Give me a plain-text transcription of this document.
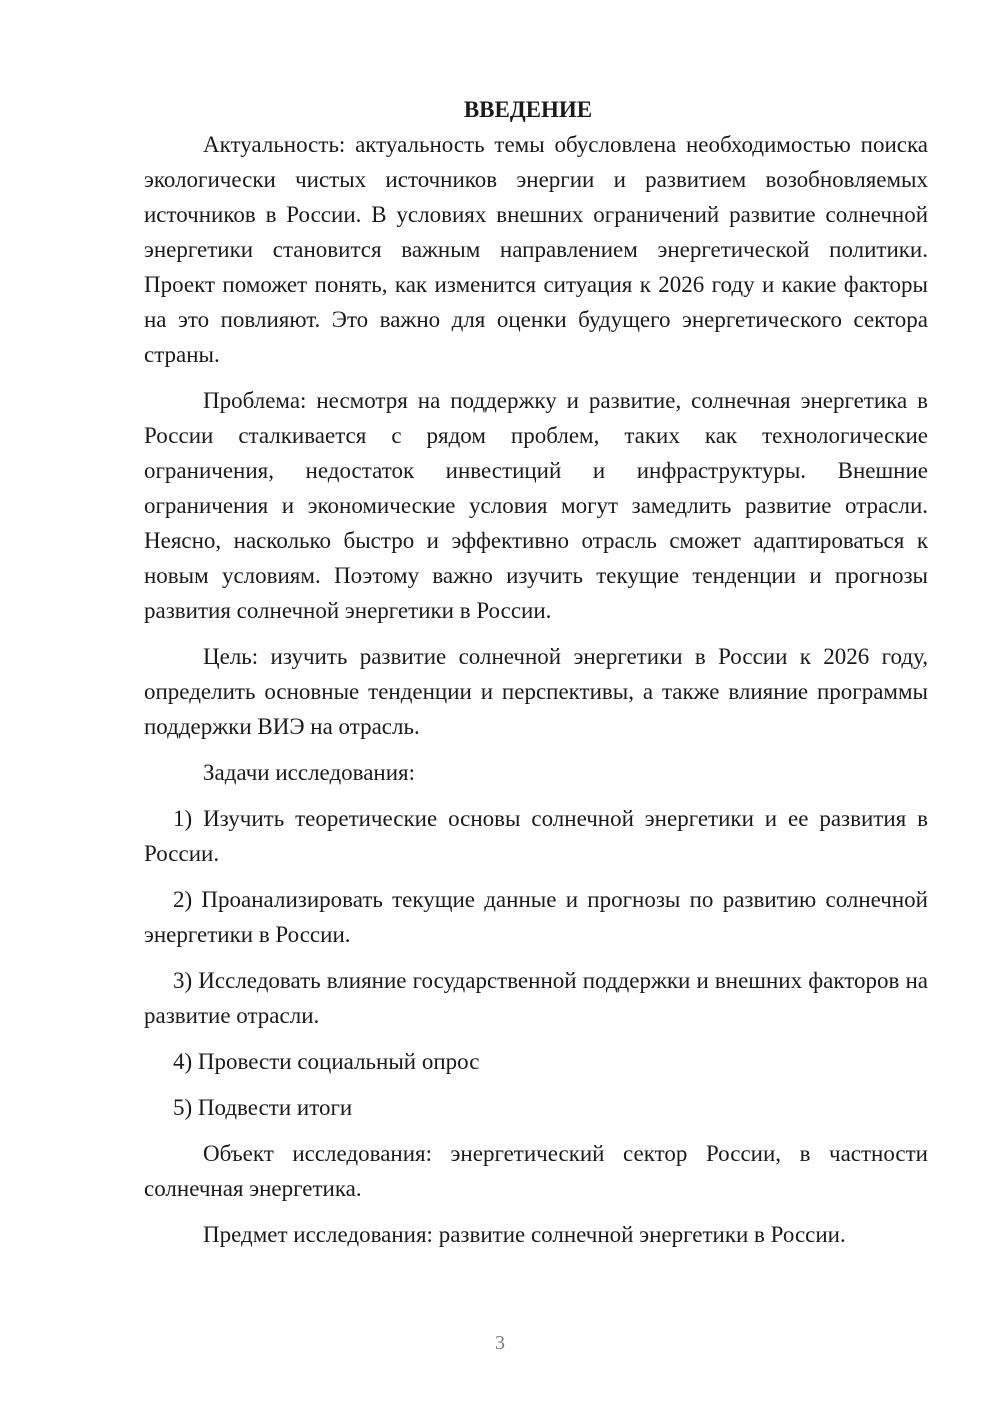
ВВЕДЕНИЕ

Актуальность: актуальность темы обусловлена необходимостью поиска экологически чистых источников энергии и развитием возобновляемых источников в России. В условиях внешних ограничений развитие солнечной энергетики становится важным направлением энергетической политики. Проект поможет понять, как изменится ситуация к 2026 году и какие факторы на это повлияют. Это важно для оценки будущего энергетического сектора страны.

Проблема: несмотря на поддержку и развитие, солнечная энергетика в России сталкивается с рядом проблем, таких как технологические ограничения, недостаток инвестиций и инфраструктуры. Внешние ограничения и экономические условия могут замедлить развитие отрасли. Неясно, насколько быстро и эффективно отрасль сможет адаптироваться к новым условиям. Поэтому важно изучить текущие тенденции и прогнозы развития солнечной энергетики в России.

Цель: изучить развитие солнечной энергетики в России к 2026 году, определить основные тенденции и перспективы, а также влияние программы поддержки ВИЭ на отрасль.

Задачи исследования:

1) Изучить теоретические основы солнечной энергетики и ее развития в России.

2) Проанализировать текущие данные и прогнозы по развитию солнечной энергетики в России.

3) Исследовать влияние государственной поддержки и внешних факторов на развитие отрасли.

4) Провести социальный опрос

5) Подвести итоги

Объект исследования: энергетический сектор России, в частности солнечная энергетика.

Предмет исследования: развитие солнечной энергетики в России.

3
